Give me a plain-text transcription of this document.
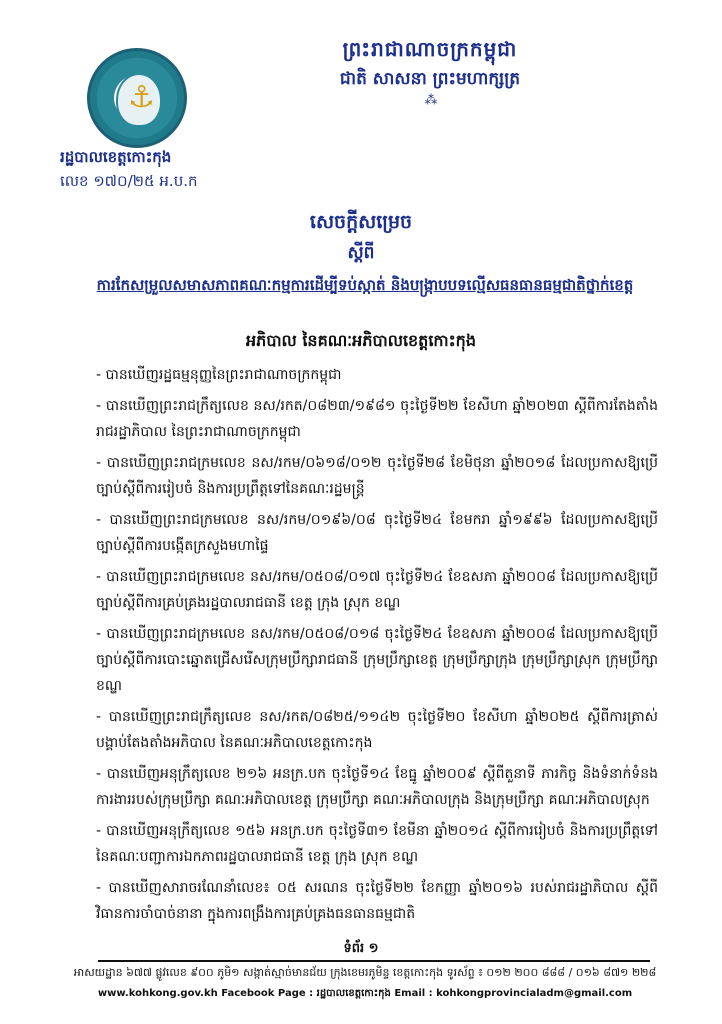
⚓
ព្រះរាជាណាចក្រកម្ពុជា
ជាតិ សាសនា ព្រះមហាក្សត្រ
⁂
រដ្ឋបាលខេត្តកោះកុង
លេខ ១៧០/២៥ អ.ប.ក
សេចក្ដីសម្រេច
ស្ដីពី
ការកែសម្រួលសមាសភាពគណៈកម្មការដើម្បីទប់ស្កាត់ និងបង្ក្រាបបទល្មើសធនធានធម្មជាតិថ្នាក់ខេត្ត
អភិបាល នៃគណៈអភិបាលខេត្តកោះកុង
- បានឃើញរដ្ឋធម្មនុញ្ញនៃព្រះរាជាណាចក្រកម្ពុជា
- បានឃើញព្រះរាជក្រឹត្យលេខ នស/រកត/០៨២៣/១៩៨១ ចុះថ្ងៃទី២២ ខែសីហា ឆ្នាំ២០២៣ ស្ដីពីការតែងតាំងរាជរដ្ឋាភិបាល នៃព្រះរាជាណាចក្រកម្ពុជា
- បានឃើញព្រះរាជក្រមលេខ នស/រកម/០៦១៨/០១២ ចុះថ្ងៃទី២៨ ខែមិថុនា ឆ្នាំ២០១៨ ដែលប្រកាសឱ្យប្រើច្បាប់ស្ដីពីការរៀបចំ និងការប្រព្រឹត្តទៅនៃគណៈរដ្ឋមន្ត្រី
- បានឃើញព្រះរាជក្រមលេខ នស/រកម/០១៩៦/០៨ ចុះថ្ងៃទី២៤ ខែមករា ឆ្នាំ១៩៩៦ ដែលប្រកាសឱ្យប្រើច្បាប់ស្ដីពីការបង្កើតក្រសួងមហាផ្ទៃ
- បានឃើញព្រះរាជក្រមលេខ នស/រកម/០៥០៨/០១៧ ចុះថ្ងៃទី២៤ ខែឧសភា ឆ្នាំ២០០៨ ដែលប្រកាសឱ្យប្រើច្បាប់ស្ដីពីការគ្រប់គ្រងរដ្ឋបាលរាជធានី ខេត្ត ក្រុង ស្រុក ខណ្ឌ
- បានឃើញព្រះរាជក្រមលេខ នស/រកម/០៥០៨/០១៨ ចុះថ្ងៃទី២៤ ខែឧសភា ឆ្នាំ២០០៨ ដែលប្រកាសឱ្យប្រើច្បាប់ស្ដីពីការបោះឆ្នោតជ្រើសរើសក្រុមប្រឹក្សារាជធានី ក្រុមប្រឹក្សាខេត្ត ក្រុមប្រឹក្សាក្រុង ក្រុមប្រឹក្សាស្រុក ក្រុមប្រឹក្សាខណ្ឌ
- បានឃើញព្រះរាជក្រឹត្យលេខ នស/រកត/០៨២៥/១១៤២ ចុះថ្ងៃទី២០ ខែសីហា ឆ្នាំ២០២៥ ស្ដីពីការត្រាស់បង្គាប់តែងតាំងអភិបាល នៃគណៈអភិបាលខេត្តកោះកុង
- បានឃើញអនុក្រឹត្យលេខ ២១៦ អនក្រ.បក ចុះថ្ងៃទី១៤ ខែធ្នូ ឆ្នាំ២០០៩ ស្ដីពីតួនាទី ភារកិច្ច និងទំនាក់ទំនងការងាររបស់ក្រុមប្រឹក្សា គណៈអភិបាលខេត្ត ក្រុមប្រឹក្សា គណៈអភិបាលក្រុង និងក្រុមប្រឹក្សា គណៈអភិបាលស្រុក
- បានឃើញអនុក្រឹត្យលេខ ១៥៦ អនក្រ.បក ចុះថ្ងៃទី៣១ ខែមីនា ឆ្នាំ២០១៤ ស្ដីពីការរៀបចំ និងការប្រព្រឹត្តទៅ នៃគណៈបញ្ជាការឯកភាពរដ្ឋបាលរាជធានី ខេត្ត ក្រុង ស្រុក ខណ្ឌ
- បានឃើញសារាចរណែនាំលេខ៖ ០៥ សរណន ចុះថ្ងៃទី២២ ខែកញ្ញា ឆ្នាំ២០១៦ របស់រាជរដ្ឋាភិបាល ស្ដីពីវិធានការចាំបាច់នានា ក្នុងការពង្រឹងការគ្រប់គ្រងធនធានធម្មជាតិ
ទំព័រ ១
អាសយដ្ឋាន ៦៧៧ ផ្លូវលេខ ៩០០ ភូមិ១ សង្កាត់ស្មាច់មានជ័យ ក្រុងខេមរភូមិន្ទ ខេត្តកោះកុង ទូរស័ព្ទ ៖ ០១២ ២០០ ៨៨៨ / ០១៦ ៨៧១ ២២៨
www.kohkong.gov.kh Facebook Page : រដ្ឋបាលខេត្តកោះកុង Email : kohkongprovincialadm@gmail.com
